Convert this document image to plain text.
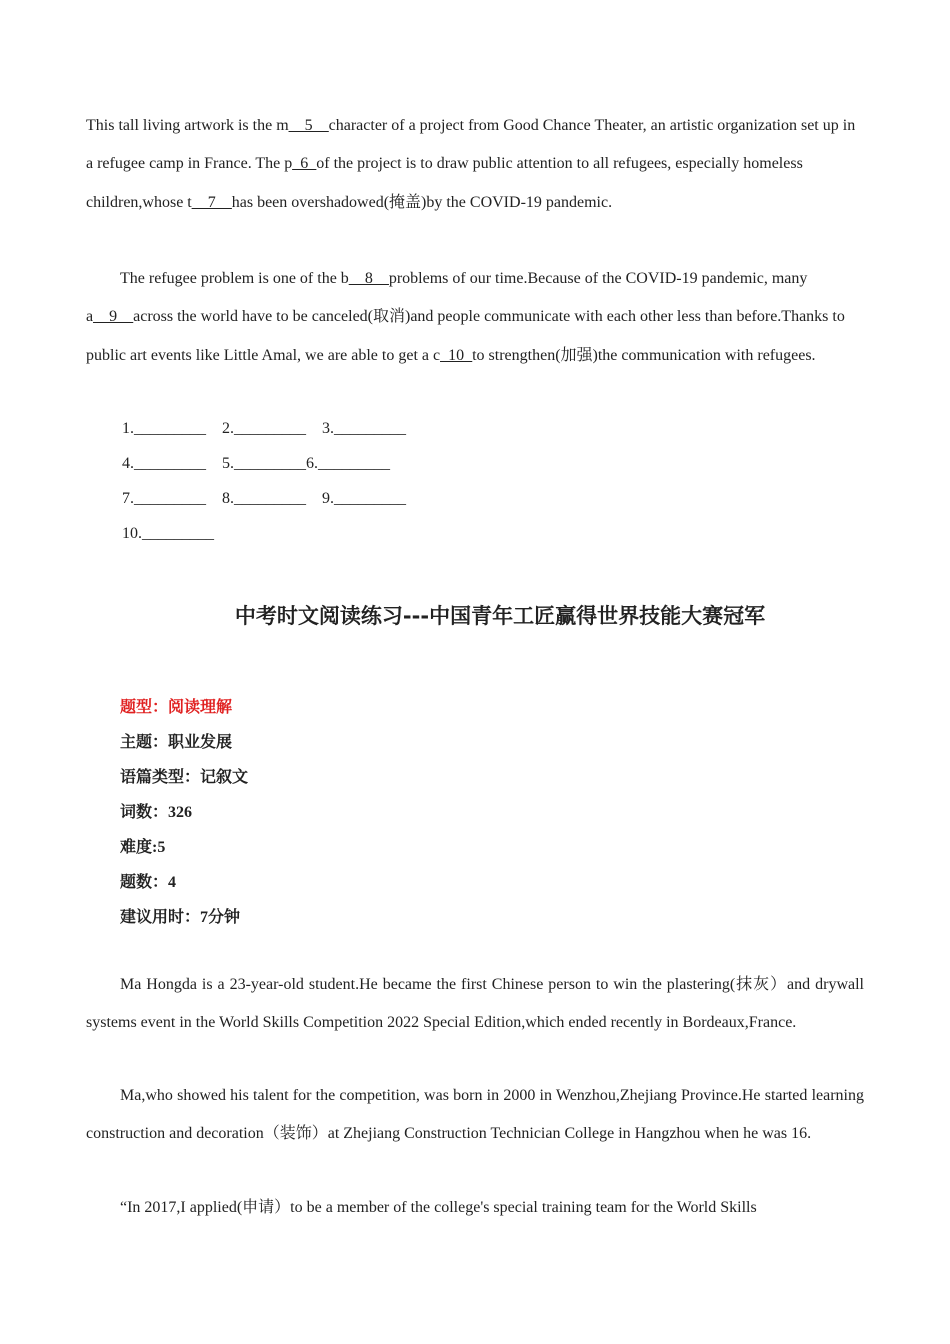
This tall living artwork is the m__5__character of a project from Good Chance Theater, an artistic organization set up in a refugee camp in France. The p_6_of the project is to draw public attention to all refugees, especially homeless children,whose t__7__has been overshadowed(掩盖)by the COVID-19 pandemic.

The refugee problem is one of the b__8__problems of our time.Because of the COVID-19 pandemic, many a__9__across the world have to be canceled(取消)and people communicate with each other less than before.Thanks to public art events like Little Amal, we are able to get a c_10_to strengthen(加强)the communication with refugees.

1._________    2._________    3._________
4._________    5._________6._________
7._________    8._________    9._________
10._________
中考时文阅读练习---中国青年工匠赢得世界技能大赛冠军
题型：阅读理解
主题：职业发展
语篇类型：记叙文
词数：326
难度:5
题数：4
建议用时：7分钟

Ma Hongda is a 23-year-old student.He became the first Chinese person to win the plastering(抹灰）and drywall systems event in the World Skills Competition 2022 Special Edition,which ended recently in Bordeaux,France.

Ma,who showed his talent for the competition, was born in 2000 in Wenzhou,Zhejiang Province.He started learning construction and decoration（装饰）at Zhejiang Construction Technician College in Hangzhou when he was 16.

“In 2017,I applied(申请）to be a member of the college's special training team for the World Skills
